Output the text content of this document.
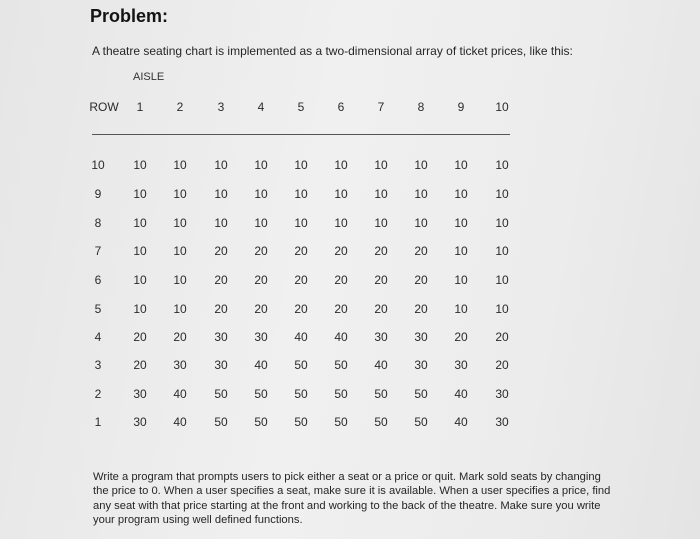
Problem:
A theatre seating chart is implemented as a two-dimensional array of ticket prices, like this:
AISLE
ROW 1	2	3	4	5	6	7	8	9	10
10 10 10 10 10 10 10 10 10 10 10
9	10 10 10 10 10 10 10 10 10 10
8	10 10 10 10 10 10 10 10 10 10
7	10 10 20 20 20 20 20 20 10 10
6	10 10 20 20 20 20 20 20 10 10
5	10 10 20 20 20 20 20 20 10 10
4	20 20 30 30 40 40 30 30 20 20
3	20 30 30 40 50 50 40 30 30 20
2	30 40 50 50 50 50 50 50 40 30
1	30 40 50 50 50 50 50 50 40 30
Write a program that prompts users to pick either a seat or a price or quit. Mark sold seats by changing the price to 0. When a user specifies a seat, make sure it is available. When a user specifies a price, find any seat with that price starting at the front and working to the back of the theatre. Make sure you write your program using well defined functions.
